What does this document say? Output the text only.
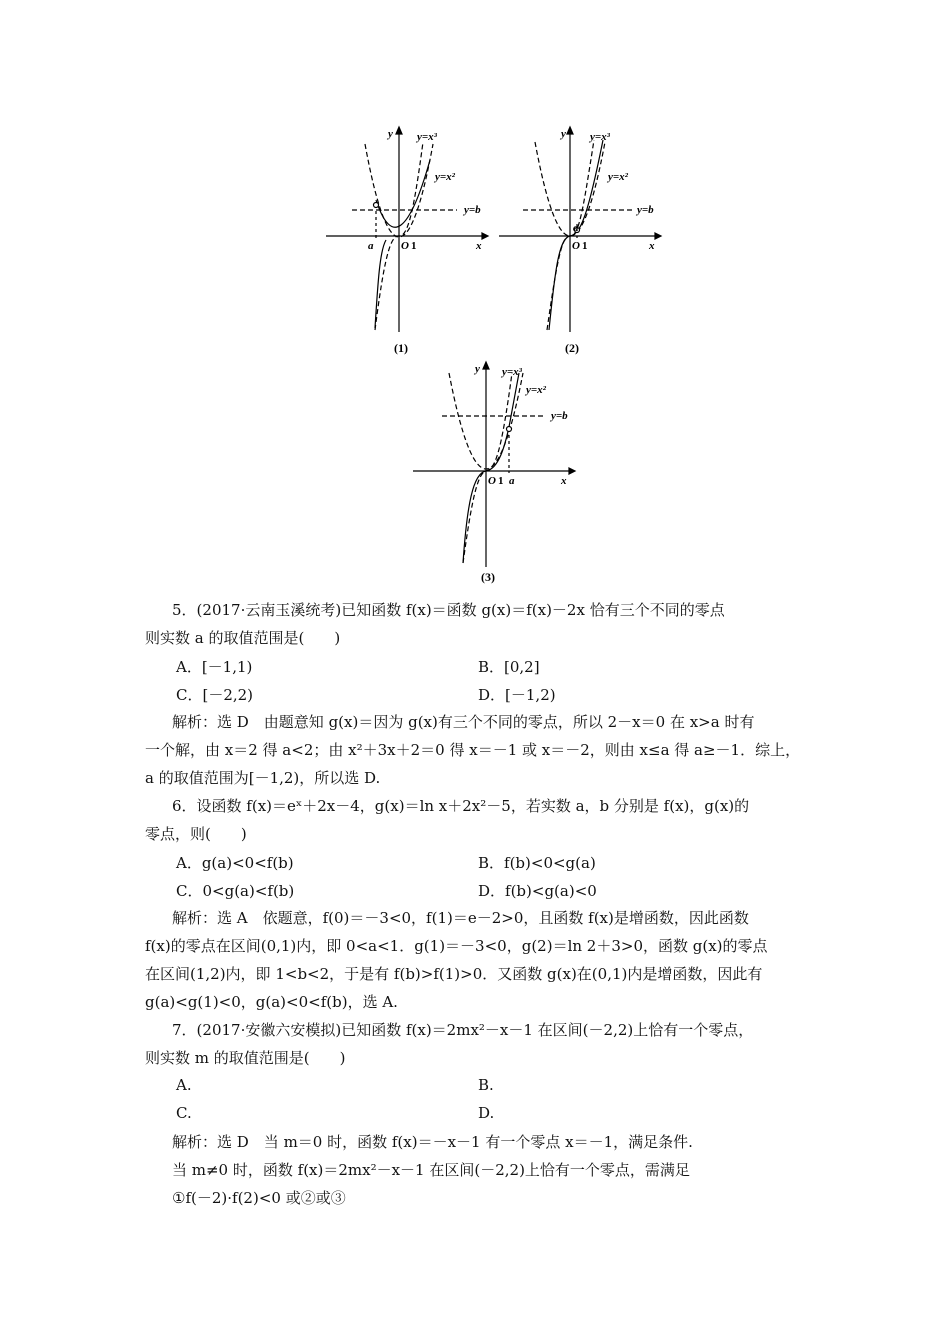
y y=x³
y=x²
y=b
x
O 1
a
(1)
y y=x³
y=x²
y=b
x
O 1
a
(2)
y y=x³
y=x²
y=b
x
O 1 a
(3)
5．(2017·云南玉溪统考)已知函数 f(x)＝函数 g(x)＝f(x)－2x 恰有三个不同的零点
则实数 a 的取值范围是(　　)
A．[－1,1)	B．[0,2]
C．[－2,2)	D．[－1,2)
解析：选 D　由题意知 g(x)＝因为 g(x)有三个不同的零点，所以 2－x＝0 在 x>a 时有
一个解，由 x＝2 得 a<2；由 x²＋3x＋2＝0 得 x＝－1 或 x＝－2，则由 x≤a 得 a≥－1．综上，
a 的取值范围为[－1,2)，所以选 D.
6．设函数 f(x)＝eˣ＋2x－4，g(x)＝ln x＋2x²－5，若实数 a，b 分别是 f(x)，g(x)的
零点，则(　　)
A．g(a)<0<f(b)	B．f(b)<0<g(a)
C．0<g(a)<f(b)	D．f(b)<g(a)<0
解析：选 A　依题意，f(0)＝－3<0，f(1)＝e－2>0，且函数 f(x)是增函数，因此函数
f(x)的零点在区间(0,1)内，即 0<a<1．g(1)＝－3<0，g(2)＝ln 2＋3>0，函数 g(x)的零点
在区间(1,2)内，即 1<b<2，于是有 f(b)>f(1)>0．又函数 g(x)在(0,1)内是增函数，因此有
g(a)<g(1)<0，g(a)<0<f(b)，选 A.
7．(2017·安徽六安模拟)已知函数 f(x)＝2mx²－x－1 在区间(－2,2)上恰有一个零点，
则实数 m 的取值范围是(　　)
A.	B.
C.	D.
解析：选 D　当 m＝0 时，函数 f(x)＝－x－1 有一个零点 x＝－1，满足条件.
当 m≠0 时，函数 f(x)＝2mx²－x－1 在区间(－2,2)上恰有一个零点，需满足
①f(－2)·f(2)<0 或②或③
